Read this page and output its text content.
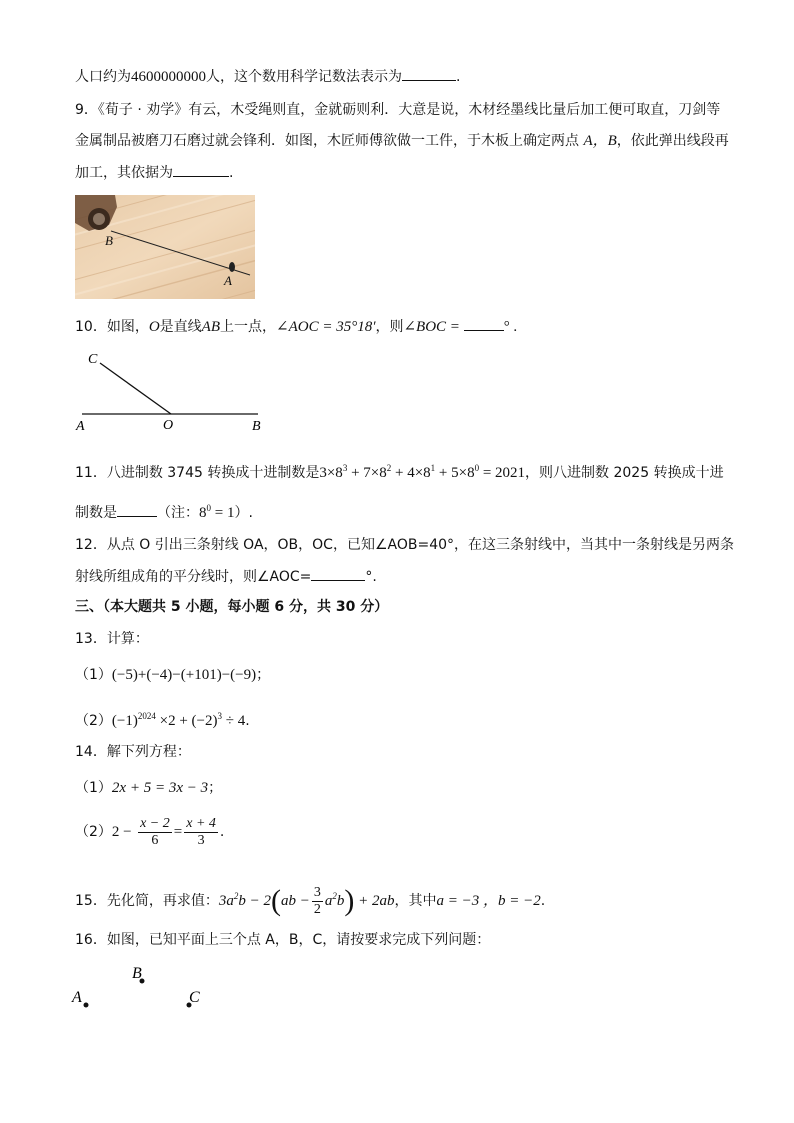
人口约为4600000000人，这个数用科学记数法表示为	.
9．《荀子 · 劝学》有云，木受绳则直，金就砺则利．大意是说，木材经墨线比量后加工便可取直，刀剑等
金属制品被磨刀石磨过就会锋利．如图，木匠师傅欲做一工件，于木板上确定两点 A，B，依此弹出线段再
加工，其依据为	.
B
A
10．如图，O是直线AB上一点，∠AOC = 35°18′，则∠BOC =	° .
C
A	O	B
11．八进制数 3745 转换成十进制数是$3\times 8^3 + 7\times 8^2 + 4\times 8^1 + 5\times 8^0 = 2021$，则八进制数 2025 转换成十进
制数是	（注：$8^0 = 1$）.
12．从点 O 引出三条射线 OA，OB，OC，已知∠AOB=40°，在这三条射线中，当其中一条射线是另两条
射线所组成角的平分线时，则∠AOC=	°.
三、（本大题共 5 小题，每小题 6 分，共 30 分）
13．计算：
（1）(−5)+(−4)−(+101)−(−9)；
$(2)(-1)^{2024} \times 2 + (-2)^3 \div 4$.
14．解下列方程：
（1）2x + 5 = 3x − 3；
$(2)2 - \frac{x - 2}{6} = \frac{x + 4}{3}$ .
15．先化简，再求值：$3a^2b - 2(ab - \frac{3}{2} a^2b) + 2ab$，其中a = −3 ，b = −2.
16．如图，已知平面上三个点 A，B，C，请按要求完成下列问题：
B
A	C
